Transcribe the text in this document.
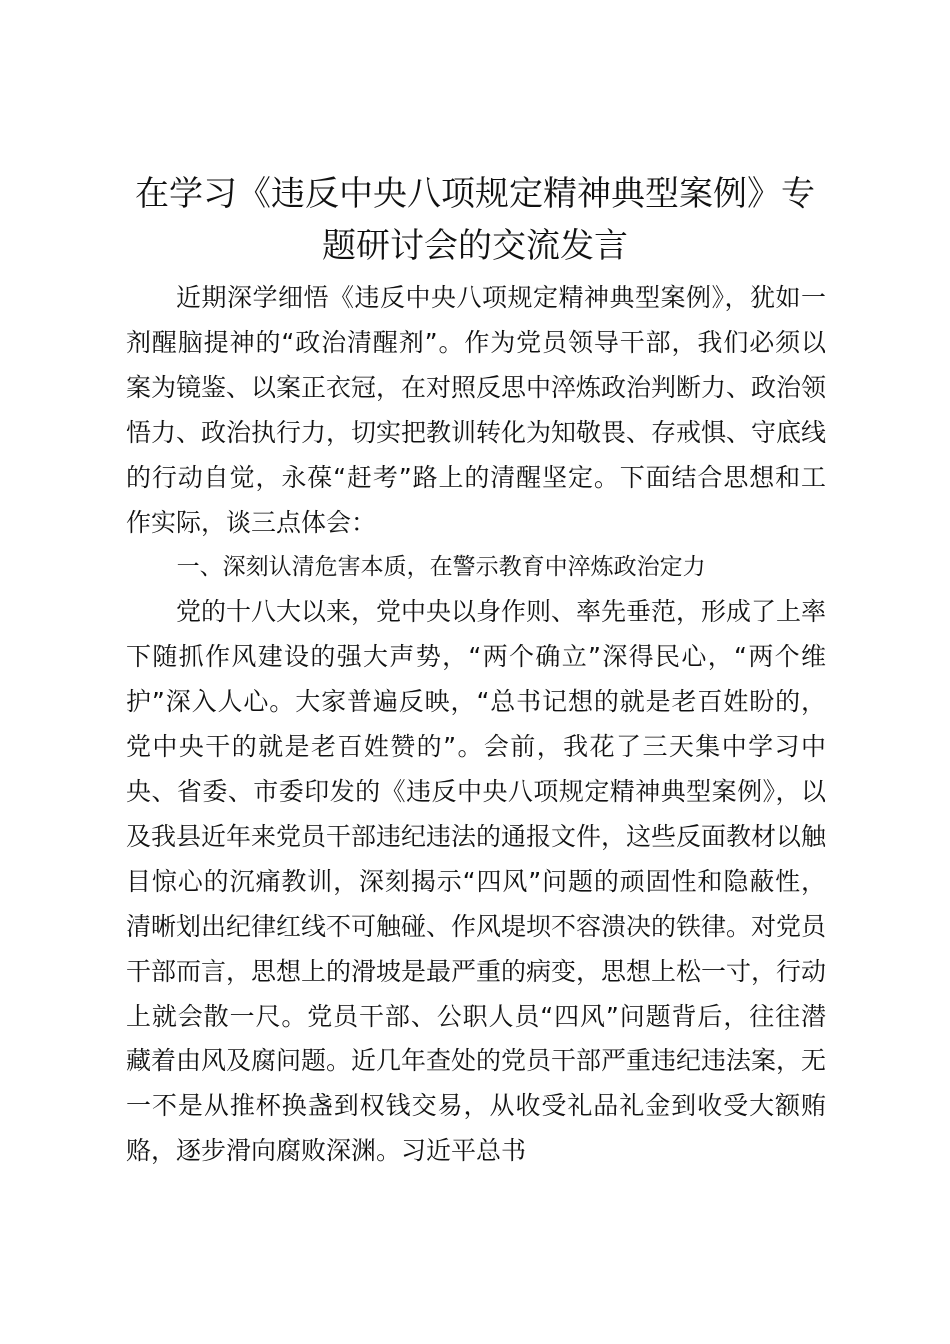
在学习《违反中央八项规定精神典型案例》专
题研讨会的交流发言

近期深学细悟《违反中央八项规定精神典型案例》，犹如一剂醒脑提神的“政治清醒剂”。作为党员领导干部，我们必须以案为镜鉴、以案正衣冠，在对照反思中淬炼政治判断力、政治领悟力、政治执行力，切实把教训转化为知敬畏、存戒惧、守底线的行动自觉，永葆“赶考”路上的清醒坚定。下面结合思想和工作实际，谈三点体会：

一、深刻认清危害本质，在警示教育中淬炼政治定力

党的十八大以来，党中央以身作则、率先垂范，形成了上率下随抓作风建设的强大声势，“两个确立”深得民心，“两个维护”深入人心。大家普遍反映，“总书记想的就是老百姓盼的，党中央干的就是老百姓赞的”。会前，我花了三天集中学习中央、省委、市委印发的《违反中央八项规定精神典型案例》，以及我县近年来党员干部违纪违法的通报文件，这些反面教材以触目惊心的沉痛教训，深刻揭示“四风”问题的顽固性和隐蔽性，清晰划出纪律红线不可触碰、作风堤坝不容溃决的铁律。对党员干部而言，思想上的滑坡是最严重的病变，思想上松一寸，行动上就会散一尺。党员干部、公职人员“四风”问题背后，往往潜藏着由风及腐问题。近几年查处的党员干部严重违纪违法案，无一不是从推杯换盏到权钱交易，从收受礼品礼金到收受大额贿赂，逐步滑向腐败深渊。习近平总书
